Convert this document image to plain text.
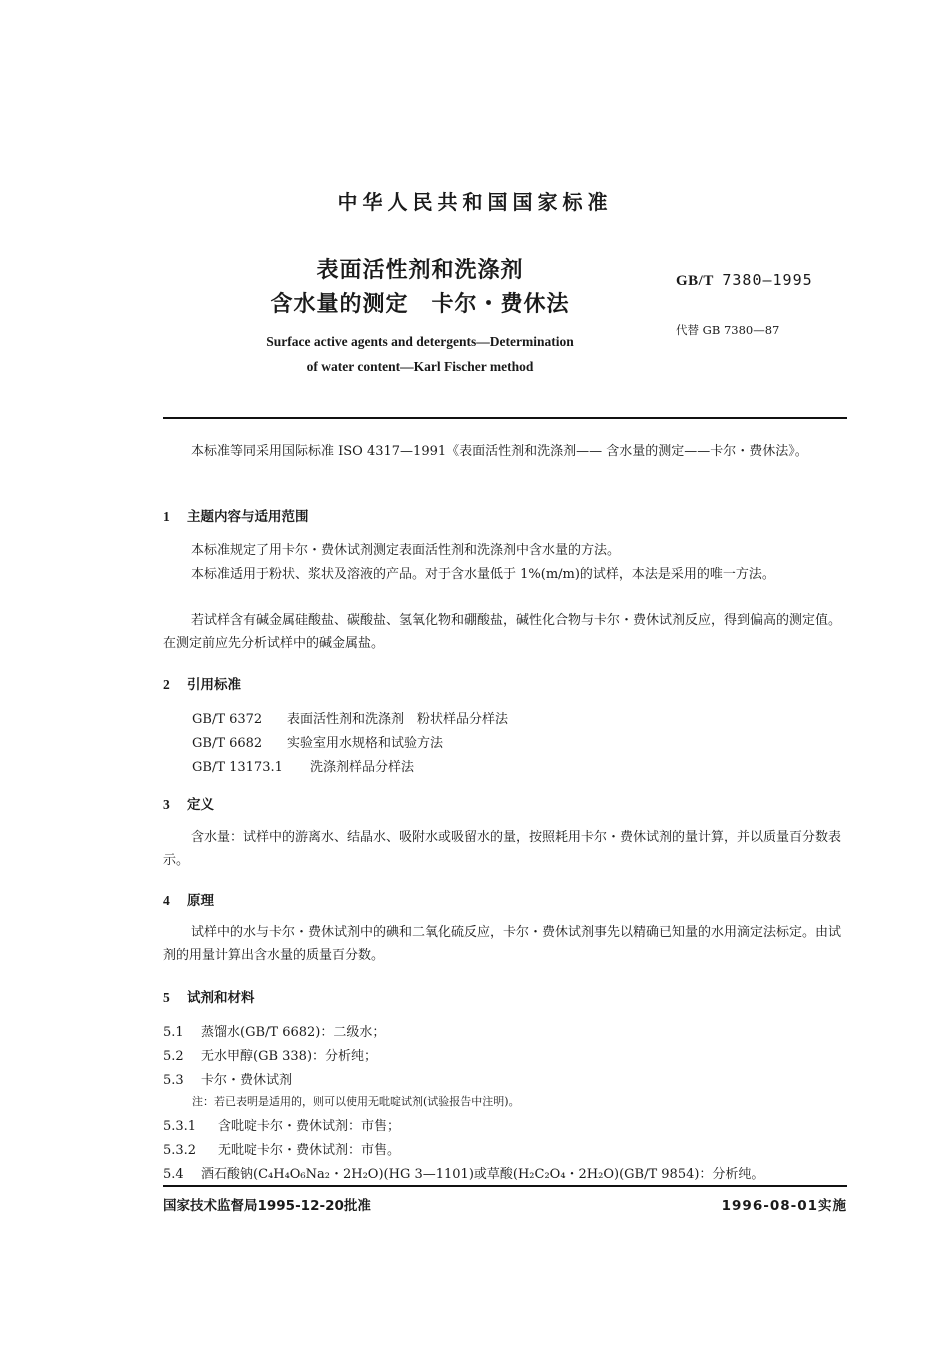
中华人民共和国国家标准
表面活性剂和洗涤剂
含水量的测定　卡尔・费休法
Surface active agents and detergents—Determination
of water content—Karl Fischer method
GB/T 7380—1995
代替 GB 7380—87
本标准等同采用国际标准 ISO 4317—1991《表面活性剂和洗涤剂—— 含水量的测定——卡尔・费休法》。
1 主题内容与适用范围
本标准规定了用卡尔・费休试剂测定表面活性剂和洗涤剂中含水量的方法。
本标准适用于粉状、浆状及溶液的产品。对于含水量低于 1%(m/m)的试样，本法是采用的唯一方法。
若试样含有碱金属硅酸盐、碳酸盐、氢氧化物和硼酸盐，碱性化合物与卡尔・费休试剂反应，得到偏高的测定值。在测定前应先分析试样中的碱金属盐。
2 引用标准
GB/T 6372 表面活性剂和洗涤剂　粉状样品分样法
GB/T 6682 实验室用水规格和试验方法
GB/T 13173.1 洗涤剂样品分样法
3 定义
含水量：试样中的游离水、结晶水、吸附水或吸留水的量，按照耗用卡尔・费休试剂的量计算，并以质量百分数表示。
4 原理
试样中的水与卡尔・费休试剂中的碘和二氧化硫反应，卡尔・费休试剂事先以精确已知量的水用滴定法标定。由试剂的用量计算出含水量的质量百分数。
5 试剂和材料
5.1 蒸馏水(GB/T 6682)：二级水；
5.2 无水甲醇(GB 338)：分析纯；
5.3 卡尔・费休试剂
注：若已表明是适用的，则可以使用无吡啶试剂(试验报告中注明)。
5.3.1 含吡啶卡尔・费休试剂：市售；
5.3.2 无吡啶卡尔・费休试剂：市售。
5.4 酒石酸钠(C₄H₄O₆Na₂・2H₂O)(HG 3—1101)或草酸(H₂C₂O₄・2H₂O)(GB/T 9854)：分析纯。
国家技术监督局1995-12-20批准	1996-08-01实施
